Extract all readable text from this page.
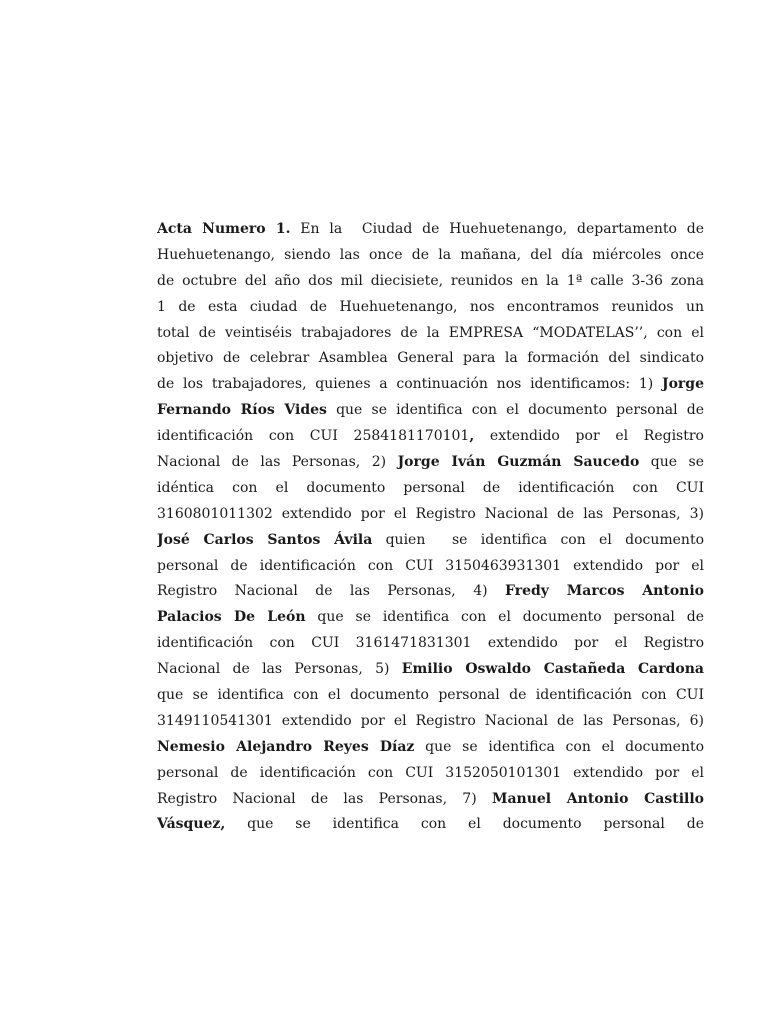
Acta Numero 1. En la  Ciudad de Huehuetenango, departamento de
Huehuetenango, siendo las once de la mañana, del día miércoles once
de octubre del año dos mil diecisiete, reunidos en la 1ª calle 3-36 zona
1 de esta ciudad de Huehuetenango, nos encontramos reunidos un
total de veintiséis trabajadores de la EMPRESA “MODATELAS’’, con el
objetivo de celebrar Asamblea General para la formación del sindicato
de los trabajadores, quienes a continuación nos identificamos: 1) Jorge
Fernando Ríos Vides que se identifica con el documento personal de
identificación con CUI 2584181170101, extendido por el Registro
Nacional de las Personas, 2) Jorge Iván Guzmán Saucedo que se
idéntica con el documento personal de identificación con CUI
3160801011302 extendido por el Registro Nacional de las Personas, 3)
José Carlos Santos Ávila quien  se identifica con el documento
personal de identificación con CUI 3150463931301 extendido por el
Registro Nacional de las Personas, 4) Fredy Marcos Antonio
Palacios De León que se identifica con el documento personal de
identificación con CUI 3161471831301 extendido por el Registro
Nacional de las Personas, 5) Emilio Oswaldo Castañeda Cardona
que se identifica con el documento personal de identificación con CUI
3149110541301 extendido por el Registro Nacional de las Personas, 6)
Nemesio Alejandro Reyes Díaz que se identifica con el documento
personal de identificación con CUI 3152050101301 extendido por el
Registro Nacional de las Personas, 7) Manuel Antonio Castillo
Vásquez, que se identifica con el documento personal de
